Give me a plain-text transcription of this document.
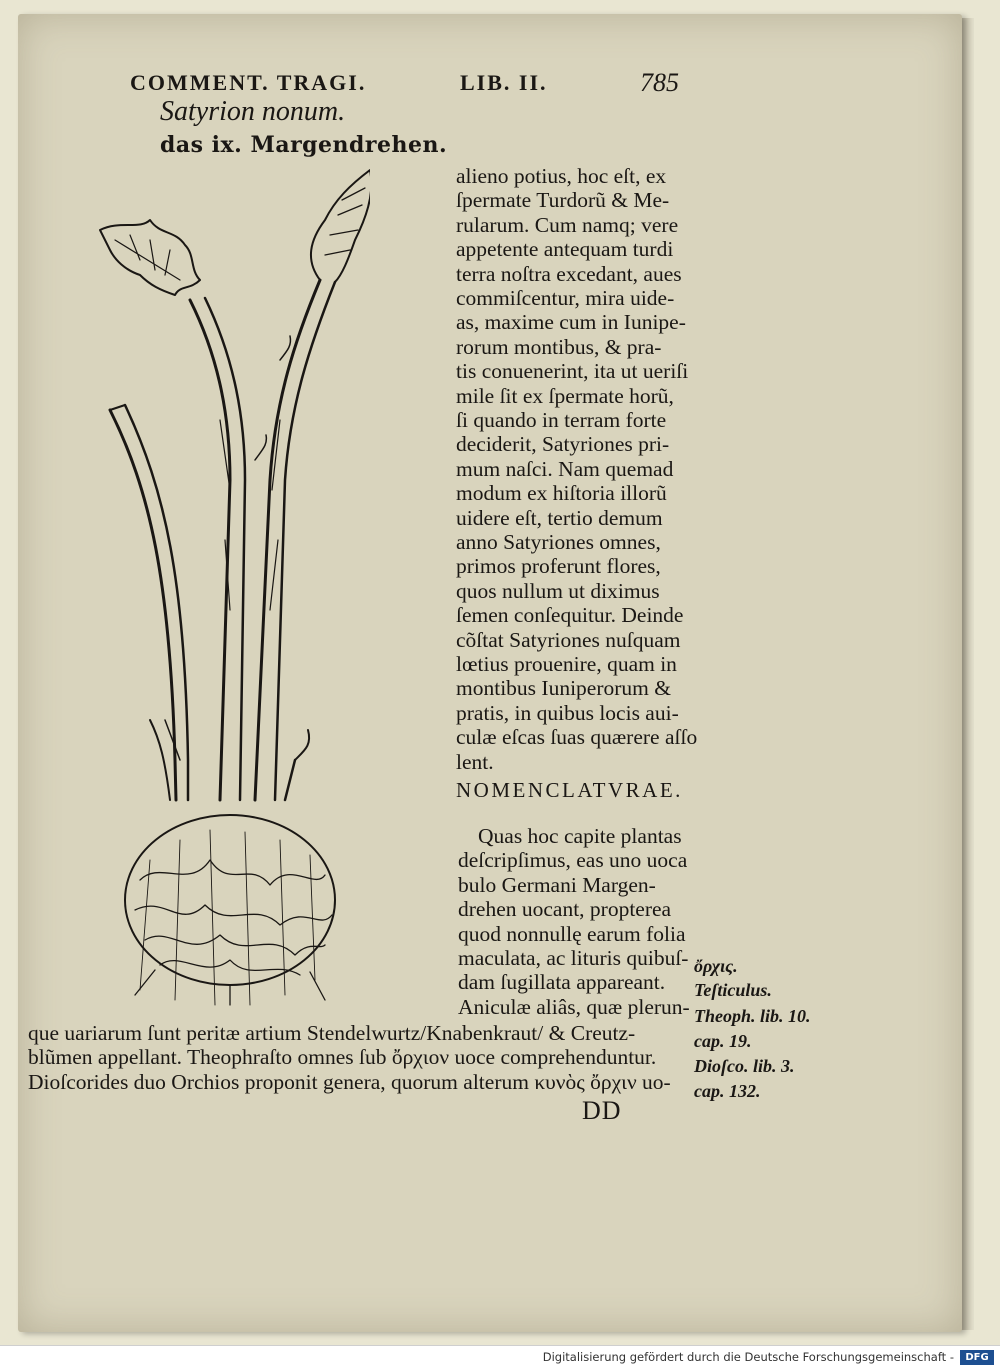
COMMENT. TRAGI.	LIB. II.	785
Satyrion nonum.
das ix. Margendrehen.
alieno potius, hoc eſt, ex
ſpermate Turdorũ & Me-
rularum. Cum namq; vere
appetente antequam turdi
terra noſtra excedant, aues
commiſcentur, mira uide-
as, maxime cum in Iunipe-
rorum montibus, & pra-
tis conuenerint, ita ut ueriſi
mile ſit ex ſpermate horũ,
ſi quando in terram forte
deciderit, Satyriones pri-
mum naſci. Nam quemad
modum ex hiſtoria illorũ
uidere eſt, tertio demum
anno Satyriones omnes,
primos proferunt flores,
quos nullum ut diximus
ſemen conſequitur. Deinde
cõſtat Satyriones nuſquam
lœtius prouenire, quam in
montibus Iuniperorum &
pratis, in quibus locis aui-
culæ eſcas ſuas quærere aſſo
lent.
NOMENCLATVRAE.
Quas hoc capite plantas
deſcripſimus, eas uno uoca
bulo Germani Margen-
drehen uocant, propterea
quod nonnullę earum folia
maculata, ac lituris quibuſ-
dam ſugillata appareant.
Aniculæ aliâs, quæ plerun-
que uariarum ſunt peritæ artium Stendelwurtz/Knabenkraut/ & Creutz-
blũmen appellant. Theophraſto omnes ſub ὄρχιον uoce comprehenduntur.
Dioſcorides duo Orchios proponit genera, quorum alterum κυνὸς ὄρχιν uo-
ὄρχις.
Teſticulus.
Theoph. lib. 10.
cap. 19.
Dioſco. lib. 3.
cap. 132.
DD
Digitalisierung gefördert durch die Deutsche Forschungsgemeinschaft -	DFG
